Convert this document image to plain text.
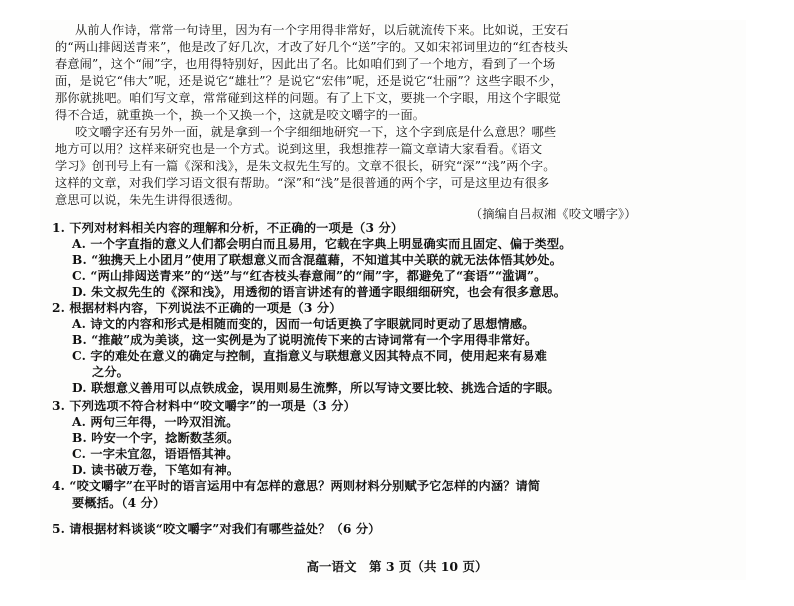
从前人作诗，常常一句诗里，因为有一个字用得非常好，以后就流传下来。比如说，王安石
的“两山排闼送青来”，他是改了好几次，才改了好几个“送”字的。又如宋祁词里边的“红杏枝头
春意闹”，这个“闹”字，也用得特别好，因此出了名。比如咱们到了一个地方，看到了一个场
面，是说它“伟大”呢，还是说它“雄壮”？是说它“宏伟”呢，还是说它“壮丽”？这些字眼不少，
那你就挑吧。咱们写文章，常常碰到这样的问题。有了上下文，要挑一个字眼，用这个字眼觉
得不合适，就重换一个，换一个又换一个，这就是咬文嚼字的一面。
咬文嚼字还有另外一面，就是拿到一个字细细地研究一下，这个字到底是什么意思？哪些
地方可以用？这样来研究也是一个方式。说到这里，我想推荐一篇文章请大家看看。《语文
学习》创刊号上有一篇《深和浅》，是朱文叔先生写的。文章不很长，研究“深”“浅”两个字。
这样的文章，对我们学习语文很有帮助。“深”和“浅”是很普通的两个字，可是这里边有很多
意思可以说，朱先生讲得很透彻。
（摘编自吕叔湘《咬文嚼字》）
1. 下列对材料相关内容的理解和分析，不正确的一项是（3 分）
A. 一个字直指的意义人们都会明白而且易用，它载在字典上明显确实而且固定、偏于类型。
B. “独携天上小团月”使用了联想意义而含混蕴藉，不知道其中关联的就无法体悟其妙处。
C. “两山排闼送青来”的“送”与“红杏枝头春意闹”的“闹”字，都避免了“套语”“滥调”。
D. 朱文叔先生的《深和浅》，用透彻的语言讲述有的普通字眼细细研究，也会有很多意思。
2. 根据材料内容，下列说法不正确的一项是（3 分）
A. 诗文的内容和形式是相随而变的，因而一句话更换了字眼就同时更动了思想情感。
B. “推敲”成为美谈，这一实例是为了说明流传下来的古诗词常有一个字用得非常好。
C. 字的难处在意义的确定与控制，直指意义与联想意义因其特点不同，使用起来有易难
之分。
D. 联想意义善用可以点铁成金，误用则易生流弊，所以写诗文要比较、挑选合适的字眼。
3. 下列选项不符合材料中“咬文嚼字”的一项是（3 分）
A. 两句三年得，一吟双泪流。
B. 吟安一个字，捻断数茎须。
C. 一字未宜忽，语语悟其神。
D. 读书破万卷，下笔如有神。
4. “咬文嚼字”在平时的语言运用中有怎样的意思？两则材料分别赋予它怎样的内涵？请简
高一语文　第 3 页（共 10 页）
要概括。（4 分）
5. 请根据材料谈谈“咬文嚼字”对我们有哪些益处？（6 分）
